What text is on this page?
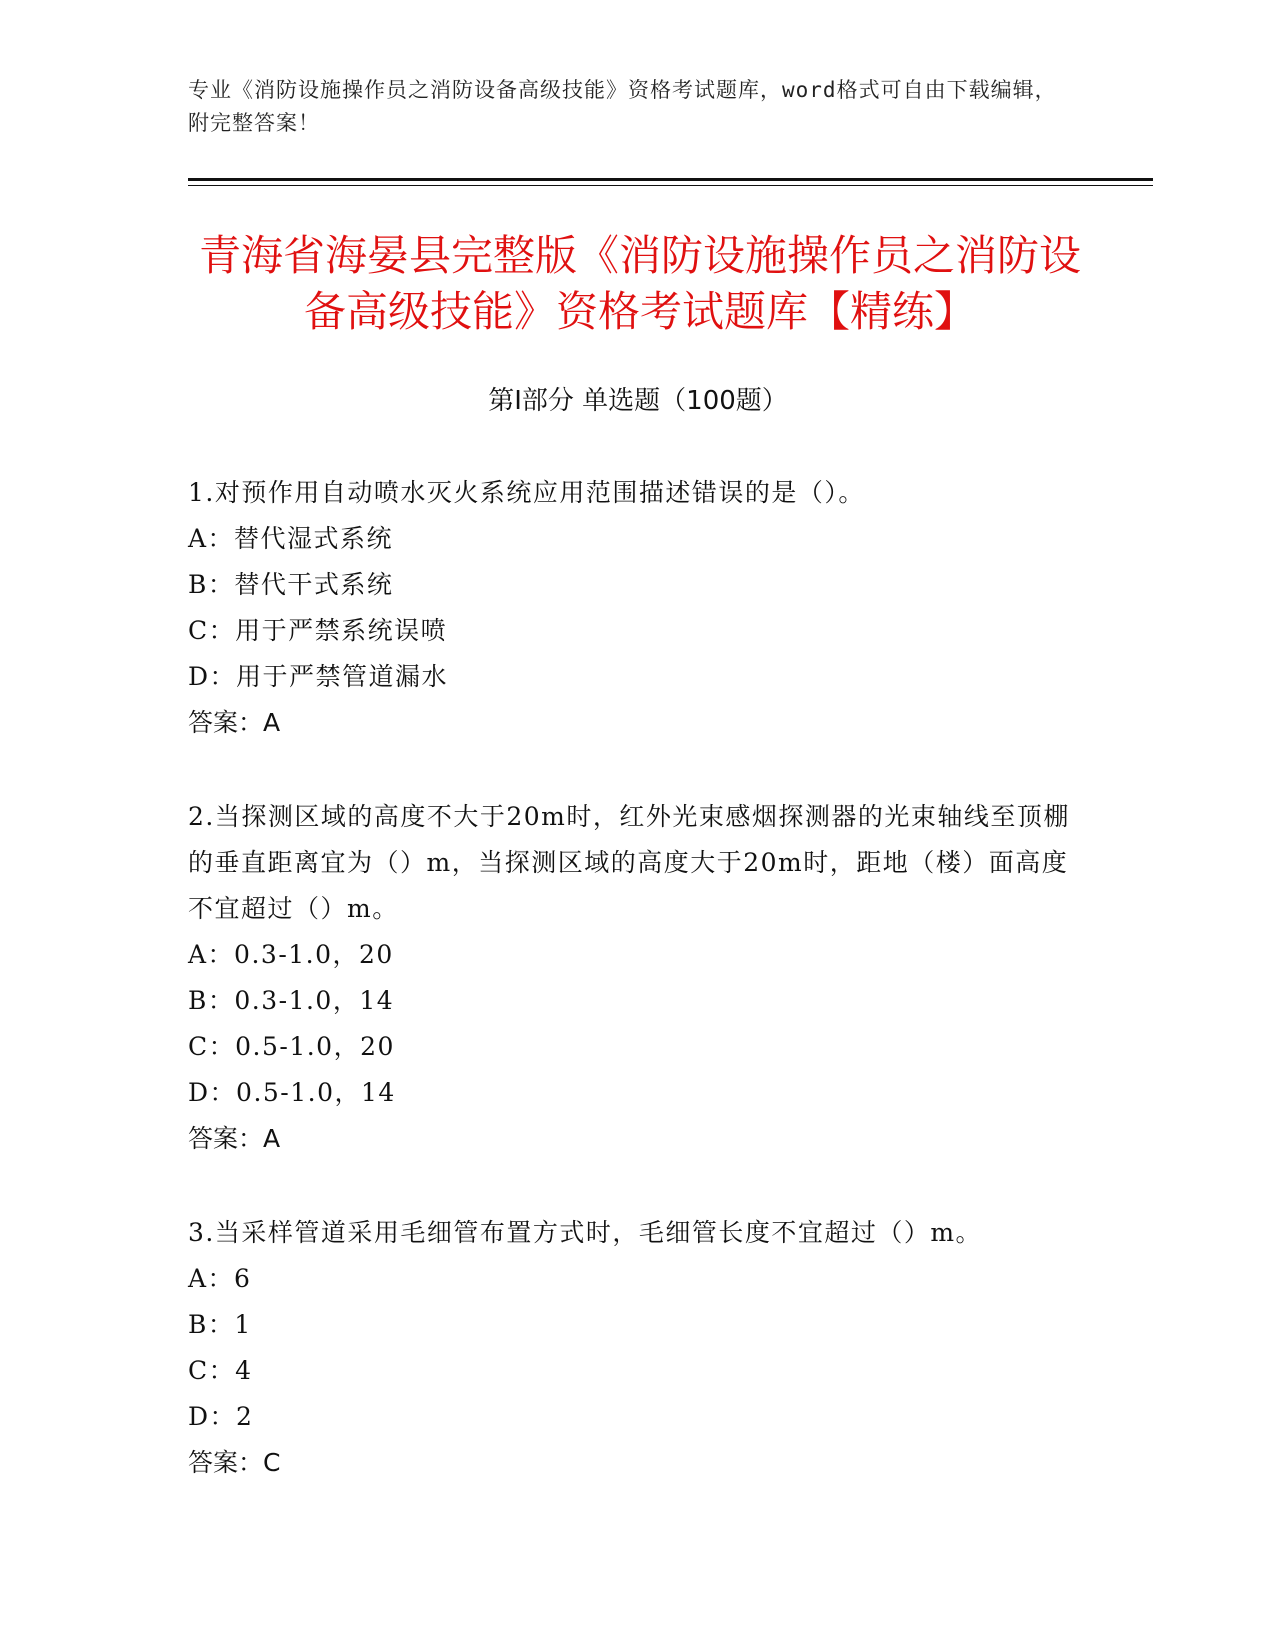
专业《消防设施操作员之消防设备高级技能》资格考试题库，word格式可自由下载编辑，附完整答案！
青海省海晏县完整版《消防设施操作员之消防设备高级技能》资格考试题库【精练】
第Ⅰ部分 单选题（100题）
1.对预作用自动喷水灭火系统应用范围描述错误的是（）。
A：替代湿式系统
B：替代干式系统
C：用于严禁系统误喷
D：用于严禁管道漏水
答案：A
2.当探测区域的高度不大于20m时，红外光束感烟探测器的光束轴线至顶棚的垂直距离宜为（）m，当探测区域的高度大于20m时，距地（楼）面高度不宜超过（）m。
A：0.3-1.0，20
B：0.3-1.0，14
C：0.5-1.0，20
D：0.5-1.0，14
答案：A
3.当采样管道采用毛细管布置方式时，毛细管长度不宜超过（）m。
A：6
B：1
C：4
D：2
答案：C
